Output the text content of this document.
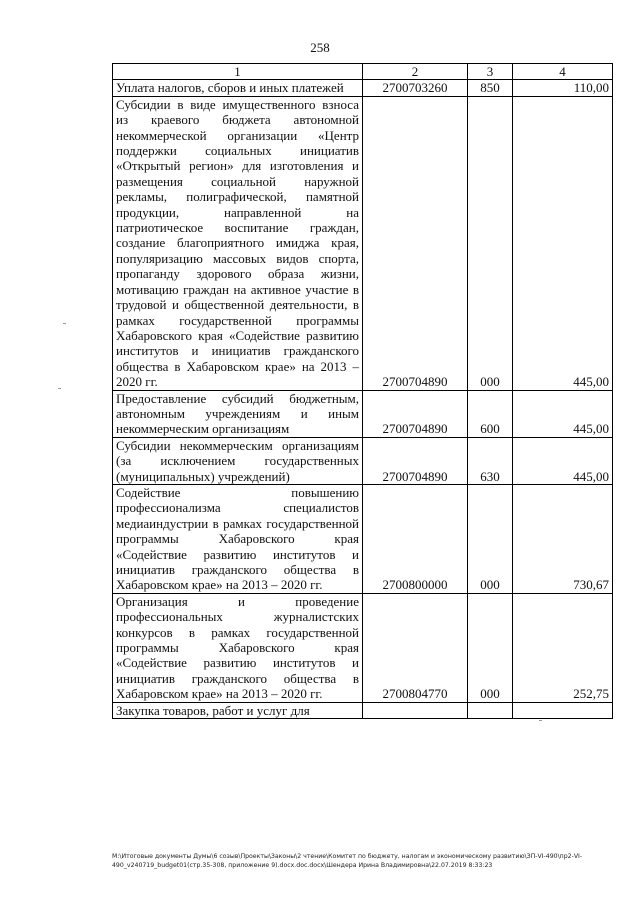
258
1	2	3	4
Уплата налогов, сборов и иных платежей	2700703260	850	110,00
Субсидии в виде имущественного взноса из краевого бюджета автономной некоммерческой организации «Центр поддержки социальных инициатив «Открытый регион» для изготовления и размещения социальной наружной рекламы, полиграфической, памятной продукции, направленной на патриотическое воспитание граждан, создание благоприятного имиджа края, популяризацию массовых видов спорта, пропаганду здорового образа жизни, мотивацию граждан на активное участие в трудовой и общественной деятельности, в рамках государственной программы Хабаровского края «Содействие развитию институтов и инициатив гражданского общества в Хабаровском крае» на 2013 – 2020 гг.	2700704890	000	445,00
Предоставление субсидий бюджетным, автономным учреждениям и иным некоммерческим организациям	2700704890	600	445,00
Субсидии некоммерческим организациям (за исключением государственных (муниципальных) учреждений)	2700704890	630	445,00
Содействие повышению профессионализма специалистов медиаиндустрии в рамках государственной программы Хабаровского края «Содействие развитию институтов и инициатив гражданского общества в Хабаровском крае» на 2013 – 2020 гг.	2700800000	000	730,67
Организация и проведение профессиональных журналистских конкурсов в рамках государственной программы Хабаровского края «Содействие развитию институтов и инициатив гражданского общества в Хабаровском крае» на 2013 – 2020 гг.	2700804770	000	252,75
Закупка товаров, работ и услуг для			
M:\Итоговые документы Думы\6 созыв\Проекты\Законы\2 чтение\Комитет по бюджету, налогам и экономическому развитию\ЗП-VI-490\пр2-VI-
490_v240719_budget01(стр.35-308, приложение 9).docx.doc.docx\Шендера Ирина Владимировна\22.07.2019 8:33:23
